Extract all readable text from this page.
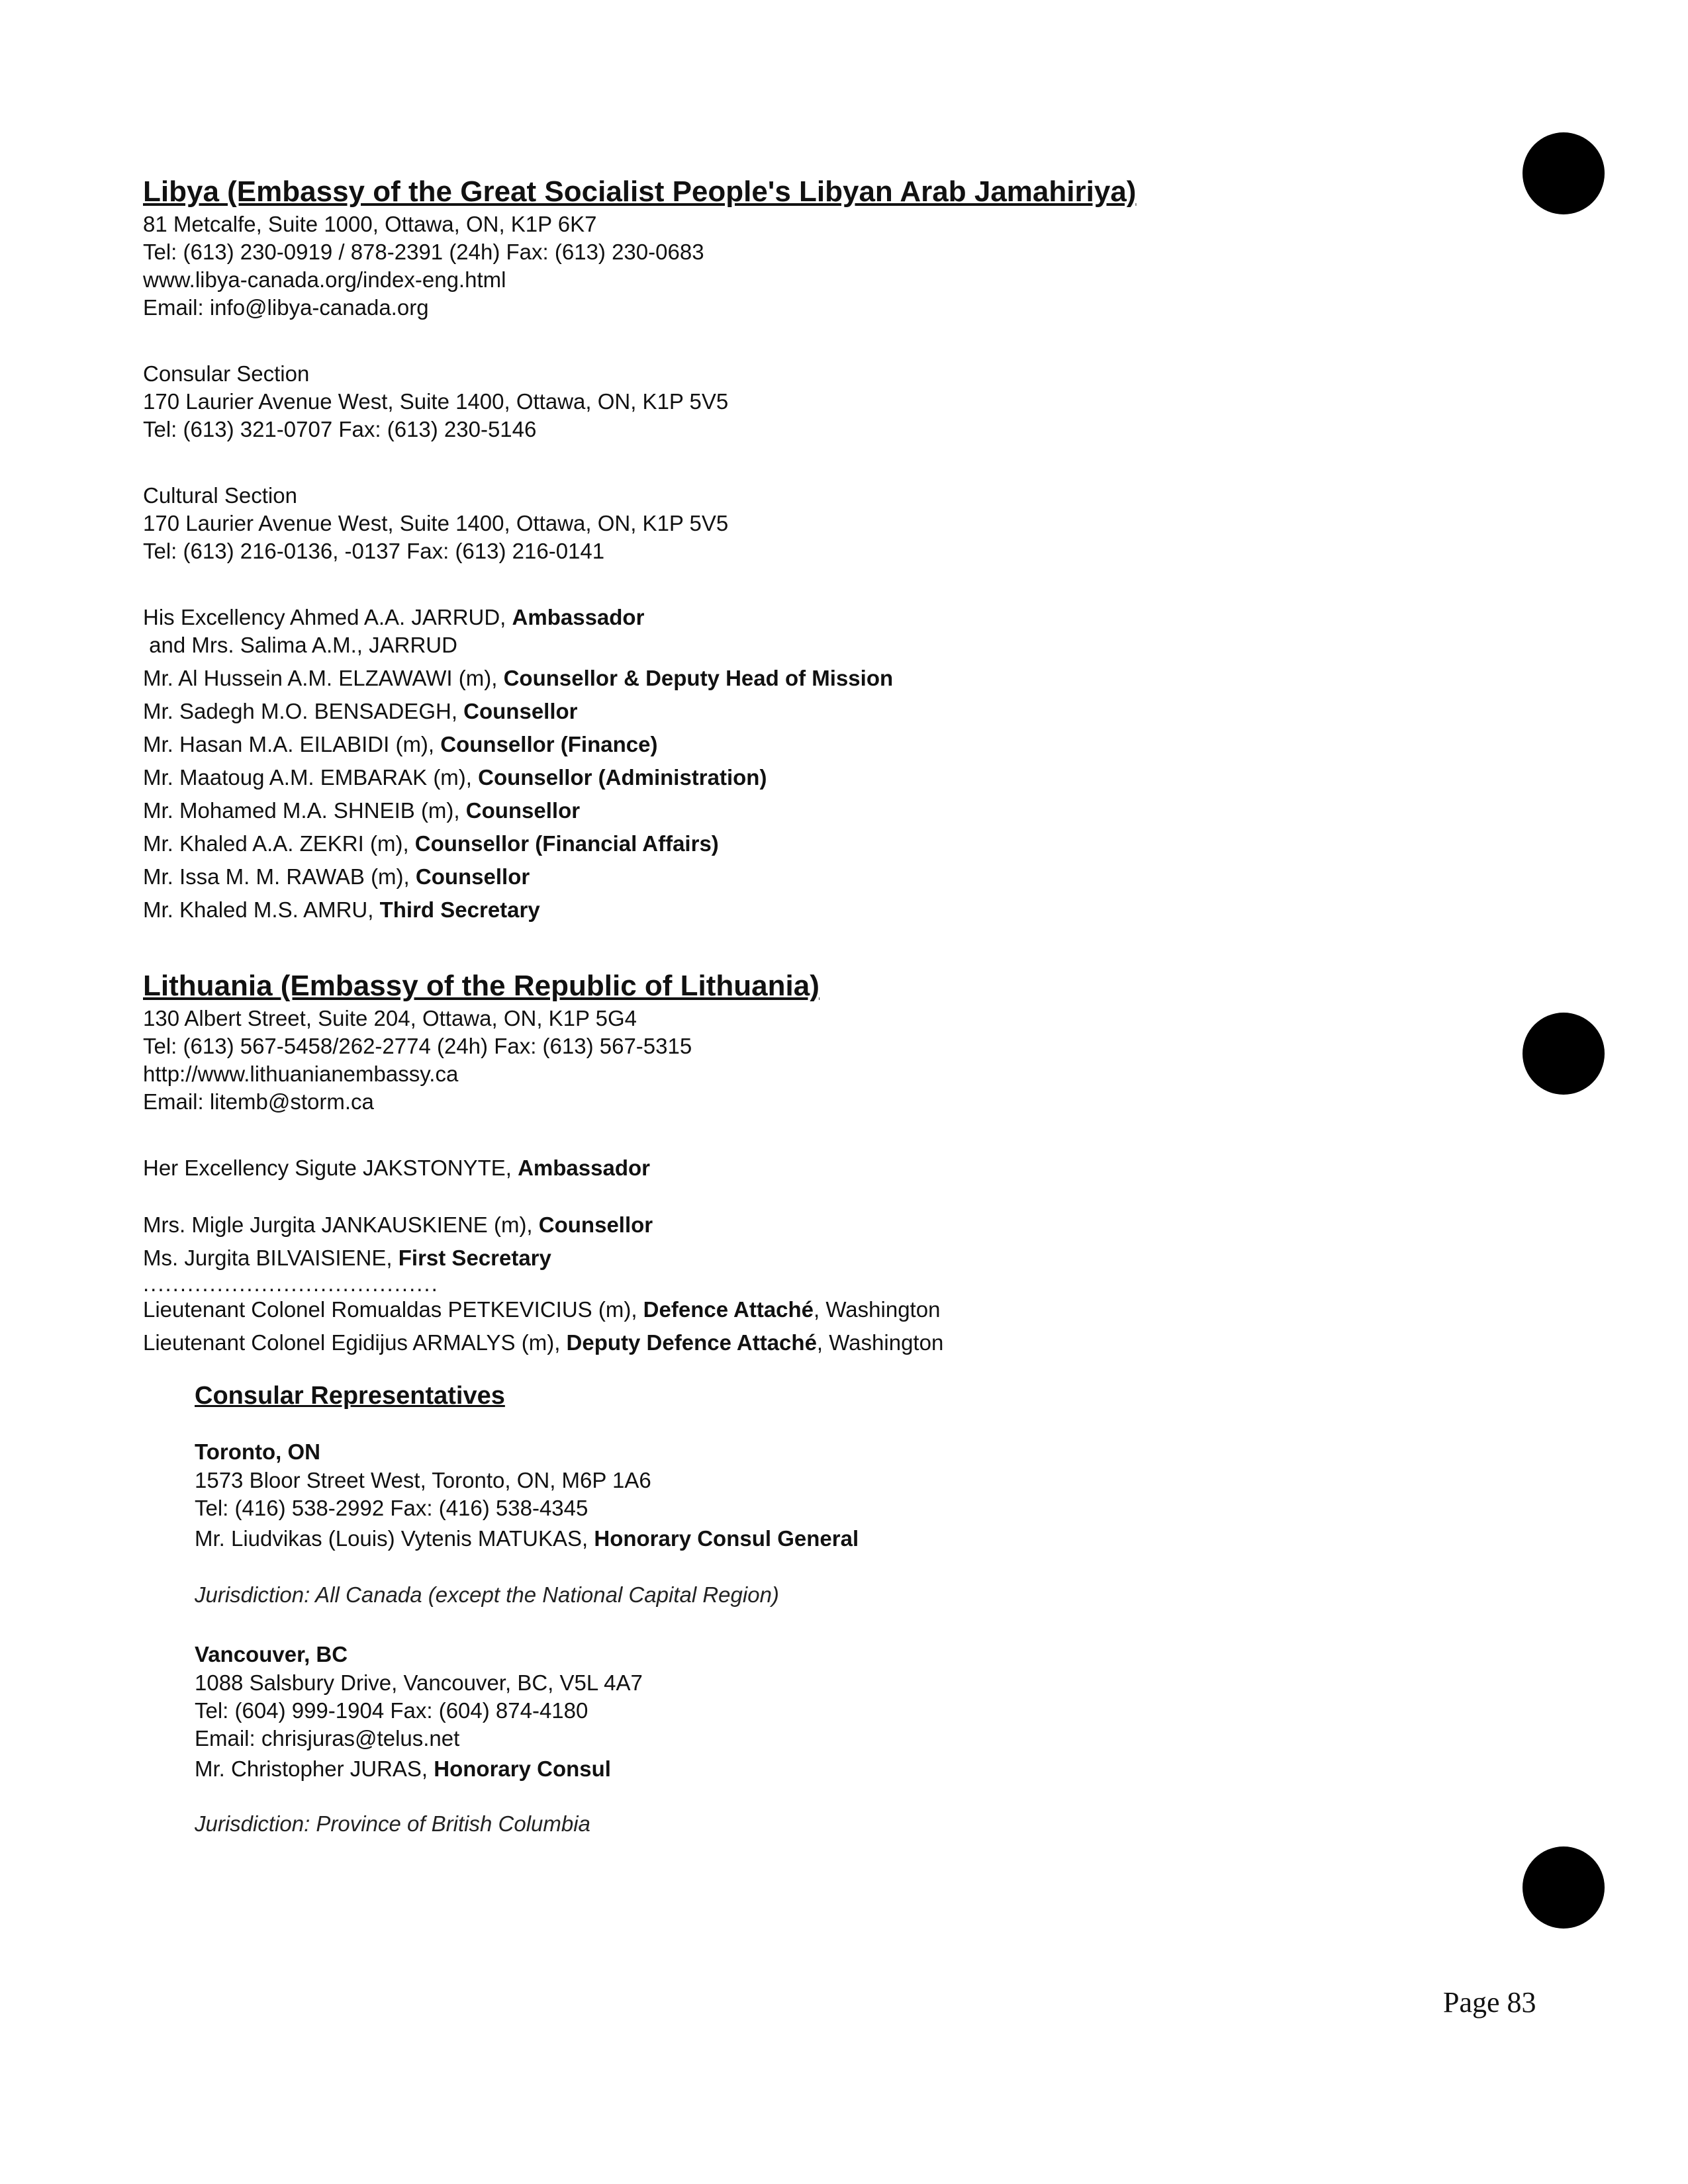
Libya (Embassy of the Great Socialist People's Libyan Arab Jamahiriya)

81 Metcalfe, Suite 1000, Ottawa, ON, K1P 6K7

Tel: (613) 230-0919 / 878-2391 (24h) Fax: (613) 230-0683

www.libya-canada.org/index-eng.html

Email: info@libya-canada.org

Consular Section

170 Laurier Avenue West, Suite 1400, Ottawa, ON, K1P 5V5

Tel: (613) 321-0707 Fax: (613) 230-5146

Cultural Section

170 Laurier Avenue West, Suite 1400, Ottawa, ON, K1P 5V5

Tel: (613) 216-0136, -0137 Fax: (613) 216-0141

His Excellency Ahmed A.A. JARRUD, Ambassador

and Mrs. Salima A.M., JARRUD

Mr. Al Hussein A.M. ELZAWAWI (m), Counsellor & Deputy Head of Mission

Mr. Sadegh M.O. BENSADEGH, Counsellor

Mr. Hasan M.A. EILABIDI (m), Counsellor (Finance)

Mr. Maatoug A.M. EMBARAK (m), Counsellor (Administration)

Mr. Mohamed M.A. SHNEIB (m), Counsellor

Mr. Khaled A.A. ZEKRI (m), Counsellor (Financial Affairs)

Mr. Issa M. M. RAWAB (m), Counsellor

Mr. Khaled M.S. AMRU, Third Secretary

Lithuania (Embassy of the Republic of Lithuania)

130 Albert Street, Suite 204, Ottawa, ON, K1P 5G4

Tel: (613) 567-5458/262-2774 (24h) Fax: (613) 567-5315

http://www.lithuanianembassy.ca

Email: litemb@storm.ca

Her Excellency Sigute JAKSTONYTE, Ambassador

Mrs. Migle Jurgita JANKAUSKIENE (m), Counsellor

Ms. Jurgita BILVAISIENE, First Secretary

........................................

Lieutenant Colonel Romualdas PETKEVICIUS (m), Defence Attaché, Washington

Lieutenant Colonel Egidijus ARMALYS (m), Deputy Defence Attaché, Washington

Consular Representatives

Toronto, ON

1573 Bloor Street West, Toronto, ON, M6P 1A6

Tel: (416) 538-2992 Fax: (416) 538-4345

Mr. Liudvikas (Louis) Vytenis MATUKAS, Honorary Consul General

Jurisdiction: All Canada (except the National Capital Region)

Vancouver, BC

1088 Salsbury Drive, Vancouver, BC, V5L 4A7

Tel: (604) 999-1904 Fax: (604) 874-4180

Email: chrisjuras@telus.net

Mr. Christopher JURAS, Honorary Consul

Jurisdiction: Province of British Columbia

Page 83
